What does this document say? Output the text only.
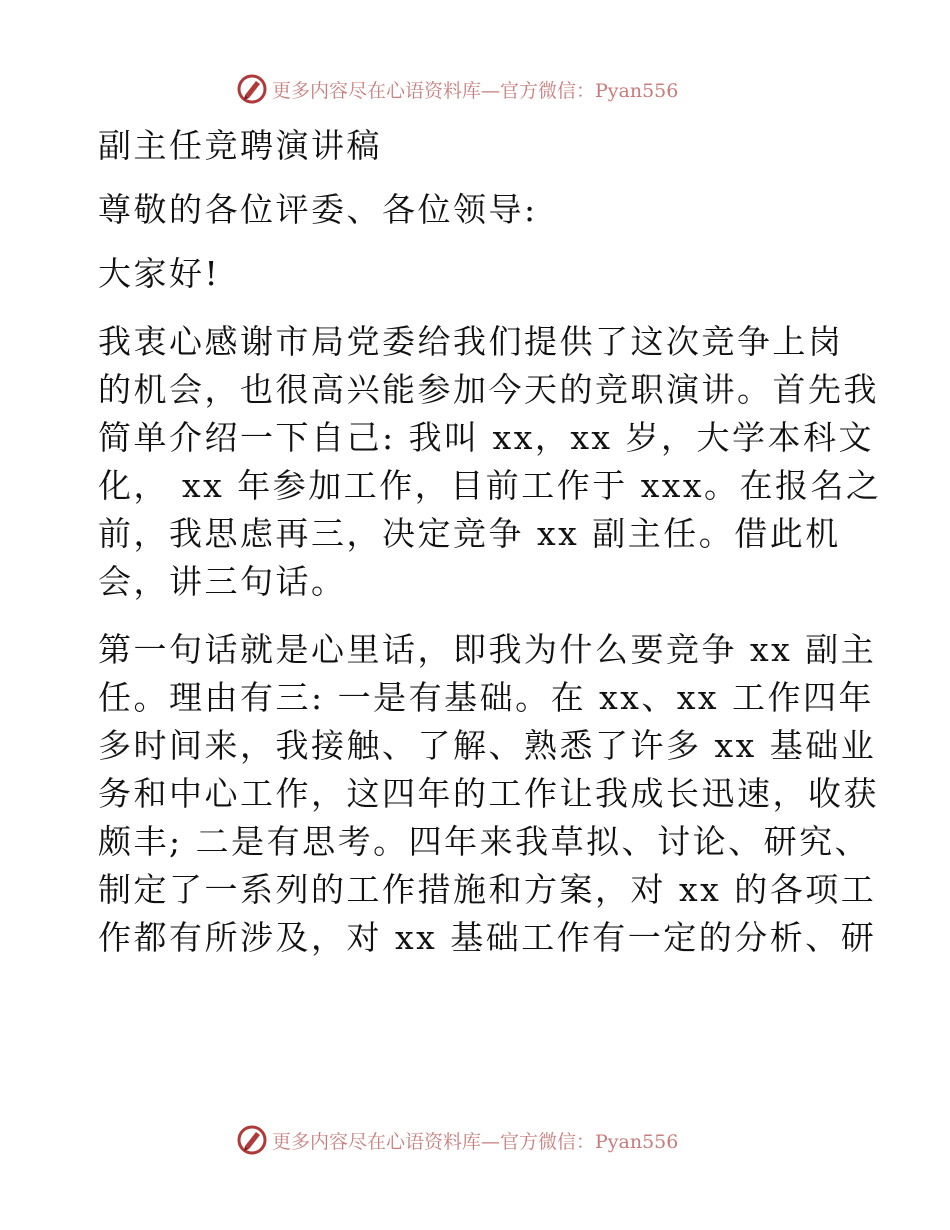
更多内容尽在心语资料库—官方微信：Pyan556
副主任竞聘演讲稿
尊敬的各位评委、各位领导:
大家好!
我衷心感谢市局党委给我们提供了这次竞争上岗
的机会，也很高兴能参加今天的竞职演讲。首先我
简单介绍一下自己: 我叫 xx，xx 岁，大学本科文
化， xx 年参加工作，目前工作于 xxx。在报名之
前，我思虑再三，决定竞争 xx 副主任。借此机
会，讲三句话。
第一句话就是心里话，即我为什么要竞争 xx 副主
任。理由有三: 一是有基础。在 xx、xx 工作四年
多时间来，我接触、了解、熟悉了许多 xx 基础业
务和中心工作，这四年的工作让我成长迅速，收获
颇丰; 二是有思考。四年来我草拟、讨论、研究、
制定了一系列的工作措施和方案，对 xx 的各项工
作都有所涉及，对 xx 基础工作有一定的分析、研
更多内容尽在心语资料库—官方微信：Pyan556
